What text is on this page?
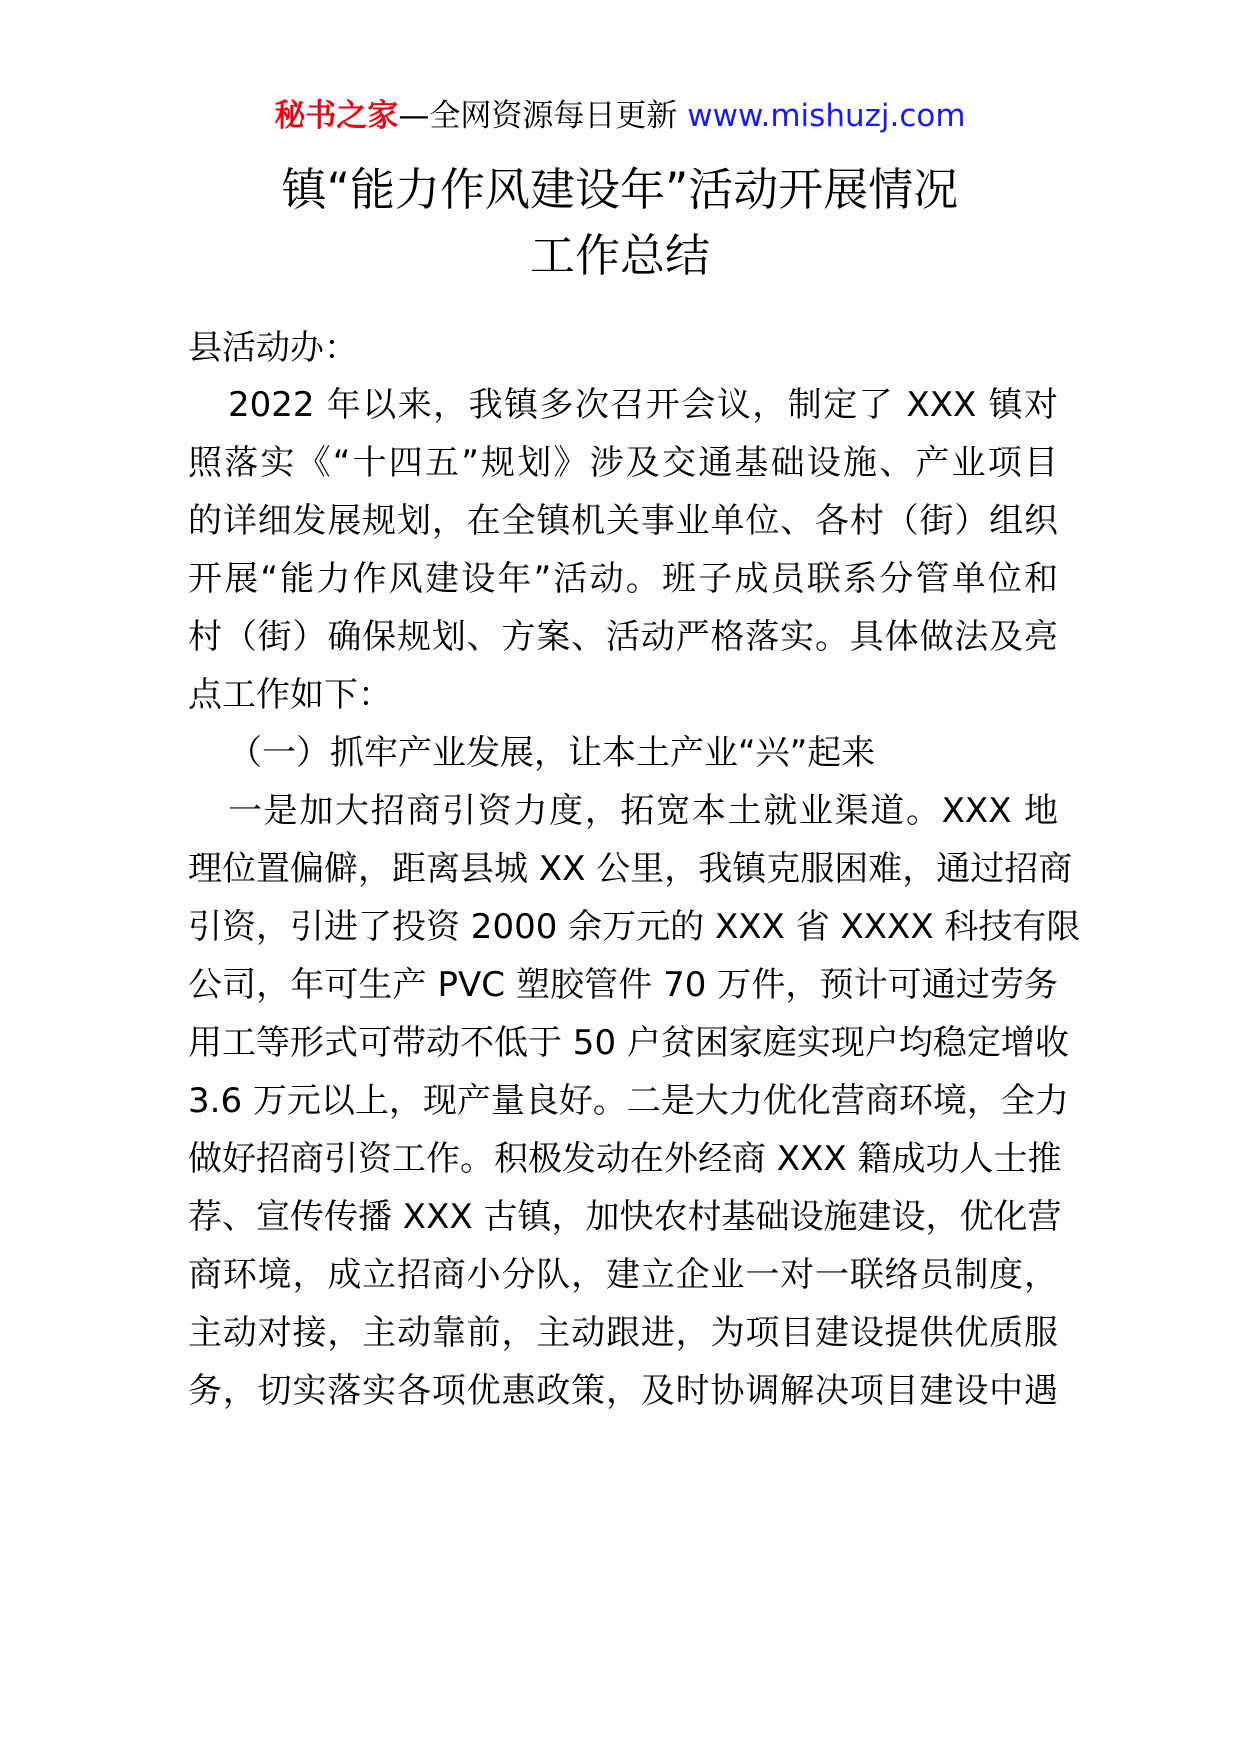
秘书之家—全网资源每日更新 www.mishuzj.com
镇“能力作风建设年”活动开展情况
工作总结
县活动办：
2022 年以来，我镇多次召开会议，制定了 XXX 镇对
照落实《“十四五”规划》涉及交通基础设施、产业项目
的详细发展规划，在全镇机关事业单位、各村（街）组织
开展“能力作风建设年”活动。班子成员联系分管单位和
村（街）确保规划、方案、活动严格落实。具体做法及亮
点工作如下：
（一）抓牢产业发展，让本土产业“兴”起来
一是加大招商引资力度，拓宽本土就业渠道。XXX 地
理位置偏僻，距离县城 XX 公里，我镇克服困难，通过招商
引资，引进了投资 2000 余万元的 XXX 省 XXXX 科技有限
公司，年可生产 PVC 塑胶管件 70 万件，预计可通过劳务
用工等形式可带动不低于 50 户贫困家庭实现户均稳定增收
3.6 万元以上，现产量良好。二是大力优化营商环境，全力
做好招商引资工作。积极发动在外经商 XXX 籍成功人士推
荐、宣传传播 XXX 古镇，加快农村基础设施建设，优化营
商环境，成立招商小分队，建立企业一对一联络员制度，
主动对接，主动靠前，主动跟进，为项目建设提供优质服
务，切实落实各项优惠政策，及时协调解决项目建设中遇
